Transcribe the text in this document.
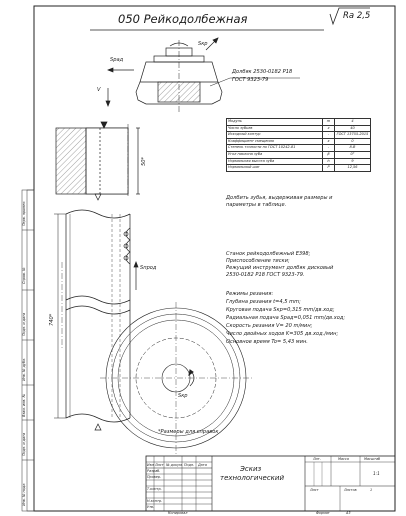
050 Рейкодолбежная	Ra 2,5
Sрад
Sкр
V
Sпрод
Sкр
50*
740*
Долбяк 2530-0182 Р18
ГОСТ 9323-79
Модуль	m	4
Число зубьев	z	40
Исходный контур	-	ГОСТ 13755-2015
Коэффициент смещения	x	0
Степень точности по ГОСТ 10242-81	-	8-B
Угол наклона зуба	β	0°
Нормальная высота зуба	h	9
Нормальный шаг	P	12,56
Долбить зубья, выдерживая размеры и
параметры в таблице.
Станок рейкодолбежный Е398;
Приспособление тиски;
Режущий инструмент долбяк дисковый
2530-0182 Р18 ГОСТ 9323-79.
Режимы резания:
Глубина резания t=4,5 mm;
Круговая подача Sкр=0,315 mm/дв.ход;
Радиальная подача Sрад=0,051 mm/дв.ход;
Скорость резания V= 20 m/мин;
Число двойных ходов K=305 дв.ход./мин;
Основное время To= 5,43 мин.
*Размеры для справок
Эскиз
технологический
Изм Лист № докум. Подп. Дата
Разраб.
Провер.
Т.контр.
Н.контр.
Утв.
Лит.	Масса	Масштаб
1:1
Лист	Листов	1
Копировал	Формат	A3
Перв. примен.
Справ. №
Подп. и дата
Инв. № дубл.
Взам. инв. №
Подп. и дата
Инв. № подл.
